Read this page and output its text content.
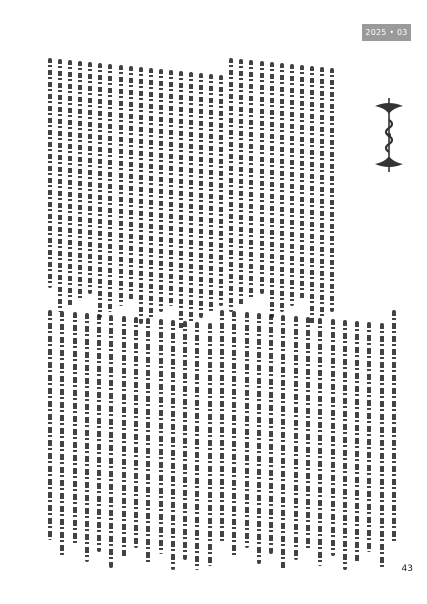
2025 • 03
43
